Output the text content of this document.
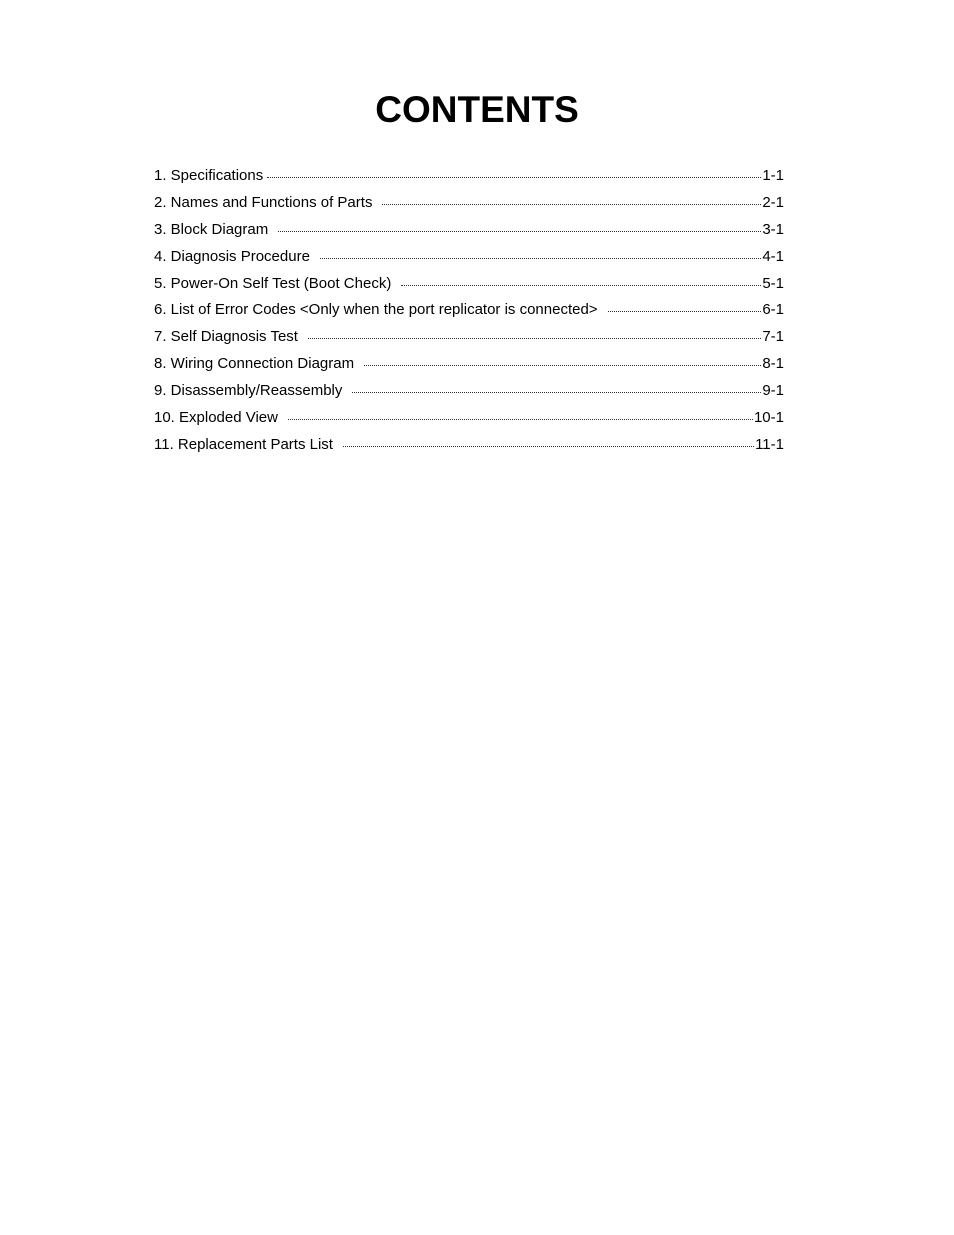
CONTENTS
1. Specifications	1-1
2. Names and Functions of Parts	2-1
3. Block Diagram	3-1
4. Diagnosis Procedure	4-1
5. Power-On Self Test (Boot Check)	5-1
6. List of Error Codes <Only when the port replicator is connected>	6-1
7. Self Diagnosis Test	7-1
8. Wiring Connection Diagram	8-1
9. Disassembly/Reassembly	9-1
10. Exploded View	10-1
11. Replacement Parts List	11-1
